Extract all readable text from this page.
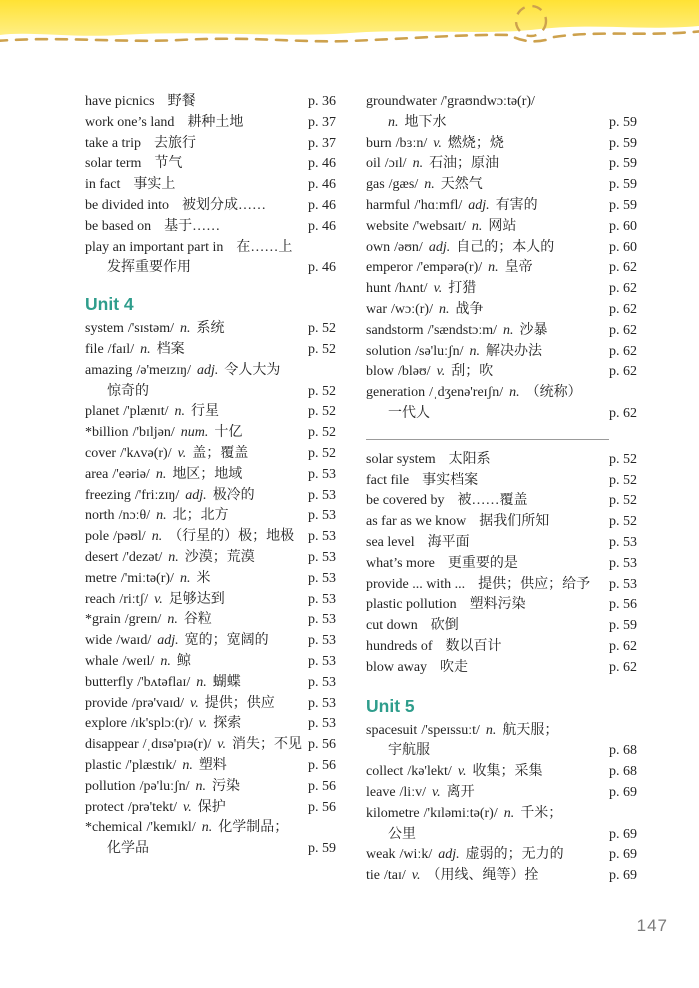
have picnics 野餐	p. 36
work one’s land 耕种土地	p. 37
take a trip 去旅行	p. 37
solar term 节气	p. 46
in fact 事实上	p. 46
be divided into 被划分成……	p. 46
be based on 基于……	p. 46
play an important part in 在……上
发挥重要作用	p. 46
Unit 4
system /'sɪstəm/ n. 系统	p. 52
file /faɪl/ n. 档案	p. 52
amazing /ə'meɪzɪŋ/ adj. 令人大为
惊奇的	p. 52
planet /'plænɪt/ n. 行星	p. 52
*billion /'bɪljən/ num. 十亿	p. 52
cover /'kʌvə(r)/ v. 盖；覆盖	p. 52
area /'eəriə/ n. 地区；地域	p. 53
freezing /'friːzɪŋ/ adj. 极冷的	p. 53
north /nɔːθ/ n. 北；北方	p. 53
pole /pəʊl/ n. （行星的）极；地极 p. 53
desert /'dezət/ n. 沙漠；荒漠	p. 53
metre /'miːtə(r)/ n. 米	p. 53
reach /riːtʃ/ v. 足够达到	p. 53
*grain /greɪn/ n. 谷粒	p. 53
wide /waɪd/ adj. 宽的；宽阔的	p. 53
whale /weɪl/ n. 鲸	p. 53
butterfly /'bʌtəflaɪ/ n. 蝴蝶	p. 53
provide /prə'vaɪd/ v. 提供；供应	p. 53
explore /ɪk'splɔː(r)/ v. 探索	p. 53
disappear /ˌdɪsə'pɪə(r)/ v. 消失；不见 p. 56
plastic /'plæstɪk/ n. 塑料	p. 56
pollution /pə'luːʃn/ n. 污染	p. 56
protect /prə'tekt/ v. 保护	p. 56
*chemical /'kemɪkl/ n. 化学制品；
化学品	p. 59
groundwater /'graʊndwɔːtə(r)/
n. 地下水	p. 59
burn /bɜːn/ v. 燃烧；烧	p. 59
oil /ɔɪl/ n. 石油；原油	p. 59
gas /gæs/ n. 天然气	p. 59
harmful /'hɑːmfl/ adj. 有害的	p. 59
website /'websaɪt/ n. 网站	p. 60
own /əʊn/ adj. 自己的；本人的	p. 60
emperor /'empərə(r)/ n. 皇帝	p. 62
hunt /hʌnt/ v. 打猎	p. 62
war /wɔː(r)/ n. 战争	p. 62
sandstorm /'sændstɔːm/ n. 沙暴	p. 62
solution /sə'luːʃn/ n. 解决办法	p. 62
blow /bləʊ/ v. 刮；吹	p. 62
generation /ˌdʒenə'reɪʃn/ n. （统称）
一代人	p. 62
solar system 太阳系	p. 52
fact file 事实档案	p. 52
be covered by 被……覆盖	p. 52
as far as we know 据我们所知	p. 52
sea level 海平面	p. 53
what’s more 更重要的是	p. 53
provide ... with ... 提供；供应；给予	p. 53
plastic pollution 塑料污染	p. 56
cut down 砍倒	p. 59
hundreds of 数以百计	p. 62
blow away 吹走	p. 62
Unit 5
spacesuit /'speɪssuːt/ n. 航天服；
宇航服	p. 68
collect /kə'lekt/ v. 收集；采集	p. 68
leave /liːv/ v. 离开	p. 69
kilometre /'kɪləmiːtə(r)/ n. 千米；
公里	p. 69
weak /wiːk/ adj. 虚弱的；无力的	p. 69
tie /taɪ/ v. （用线、绳等）拴	p. 69
147
